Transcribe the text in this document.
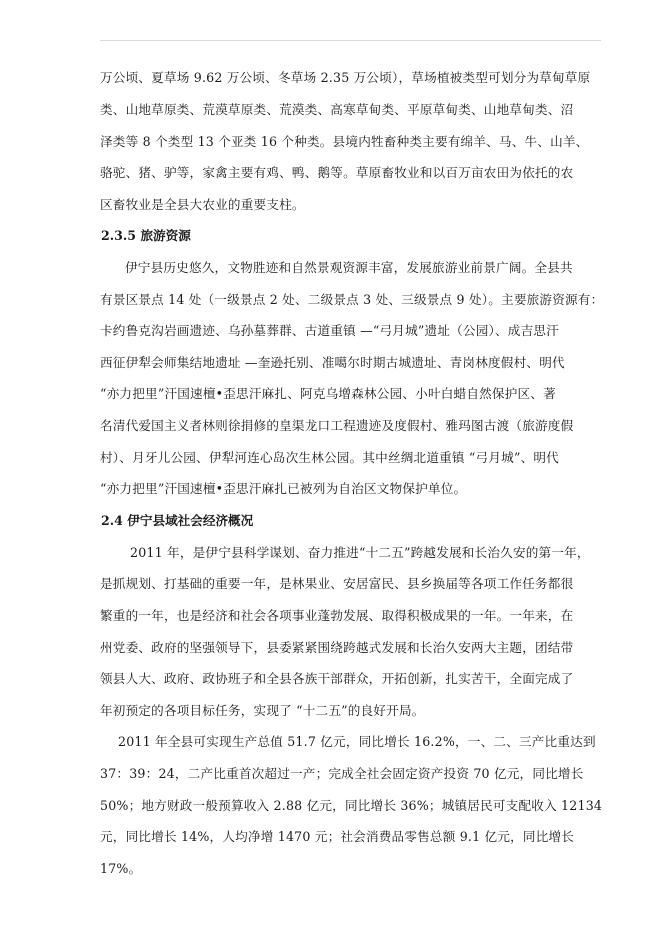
万公顷、夏草场 9.62 万公顷、冬草场 2.35 万公顷），草场植被类型可划分为草甸草原
类、山地草原类、荒漠草原类、荒漠类、高寒草甸类、平原草甸类、山地草甸类、沼
泽类等 8 个类型 13 个亚类 16 个种类。县境内牲畜种类主要有绵羊、马、牛、山羊、
骆驼、猪、驴等，家禽主要有鸡、鸭、鹅等。草原畜牧业和以百万亩农田为依托的农
区畜牧业是全县大农业的重要支柱。
2.3.5 旅游资源
伊宁县历史悠久，文物胜迹和自然景观资源丰富，发展旅游业前景广阔。全县共
有景区景点 14 处（一级景点 2 处、二级景点 3 处、三级景点 9 处）。主要旅游资源有：
卡约鲁克沟岩画遗迹、乌孙墓葬群、古道重镇 —“弓月城”遗址（公园）、成吉思汗
西征伊犁会师集结地遗址 —奎逊托别、准噶尔时期古城遗址、青岗林度假村、明代
“亦力把里”汗国速檀•歪思汗麻扎、阿克乌增森林公园、小叶白蜡自然保护区、著
名清代爱国主义者林则徐捐修的皇渠龙口工程遗迹及度假村、雅玛图古渡（旅游度假
村）、月牙儿公园、伊犁河连心岛次生林公园。其中丝绸北道重镇 “弓月城”、明代
“亦力把里”汗国速檀•歪思汗麻扎已被列为自治区文物保护单位。
2.4 伊宁县域社会经济概况
2011 年，是伊宁县科学谋划、奋力推进“十二五”跨越发展和长治久安的第一年，
是抓规划、打基础的重要一年，是林果业、安居富民、县乡换届等各项工作任务都很
繁重的一年，也是经济和社会各项事业蓬勃发展、取得积极成果的一年。一年来，在
州党委、政府的坚强领导下，县委紧紧围绕跨越式发展和长治久安两大主题，团结带
领县人大、政府、政协班子和全县各族干部群众，开拓创新，扎实苦干，全面完成了
年初预定的各项目标任务，实现了 “十二五”的良好开局。
2011 年全县可实现生产总值 51.7 亿元，同比增长 16.2%，一、二、三产比重达到
37：39：24，二产比重首次超过一产；完成全社会固定资产投资 70 亿元，同比增长
50%；地方财政一般预算收入 2.88 亿元，同比增长 36%；城镇居民可支配收入 12134
元，同比增长 14%，人均净增 1470 元；社会消费品零售总额 9.1 亿元，同比增长
17%。
